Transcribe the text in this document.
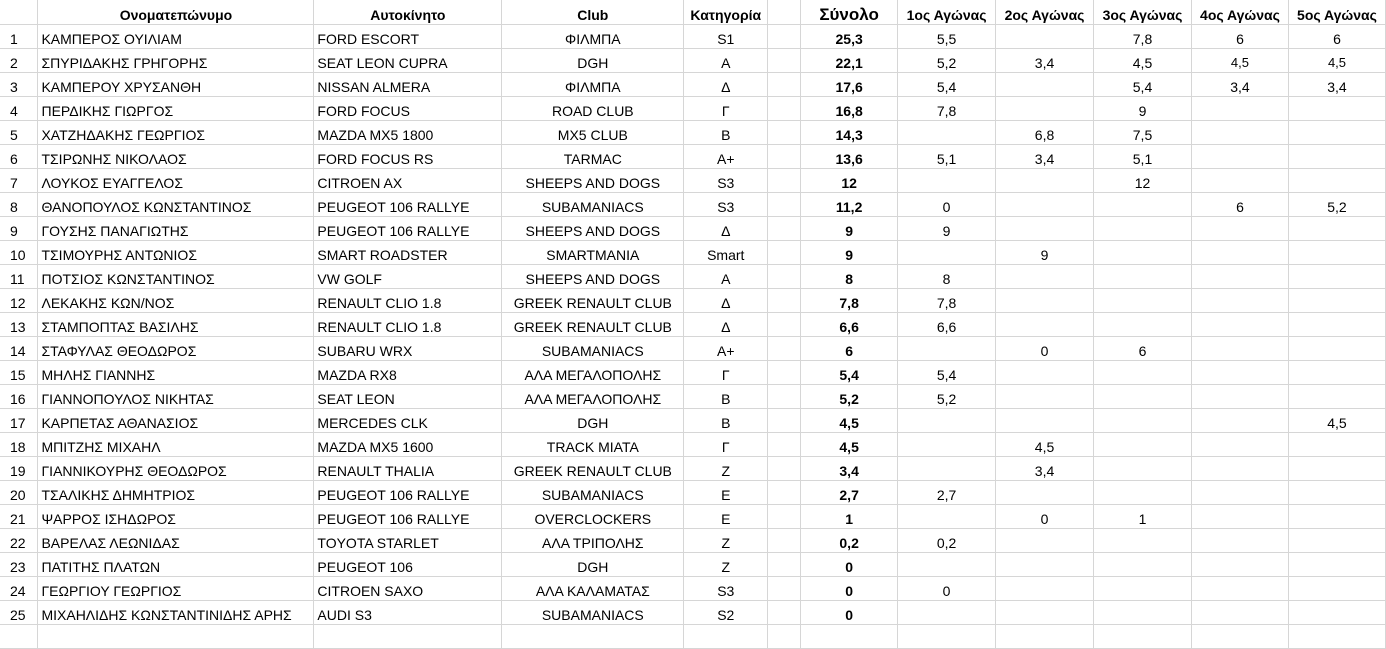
	Ονοματεπώνυμο	Αυτοκίνητο	Club	Κατηγορία		Σύνολο	1ος Αγώνας	2ος Αγώνας	3ος Αγώνας	4ος Αγώνας	5ος Αγώνας
1	ΚΑΜΠΕΡΟΣ ΟΥΙΛΙΑΜ	FORD ESCORT	ΦΙΛΜΠΑ	S1		25,3	5,5		7,8	6	6
2	ΣΠΥΡΙΔΑΚΗΣ ΓΡΗΓΟΡΗΣ	SEAT LEON CUPRA	DGH	A		22,1	5,2	3,4	4,5	4,5	4,5
3	ΚΑΜΠΕΡΟΥ ΧΡΥΣΑΝΘΗ	NISSAN ALMERA	ΦΙΛΜΠΑ	Δ		17,6	5,4		5,4	3,4	3,4
4	ΠΕΡΔΙΚΗΣ ΓΙΩΡΓΟΣ	FORD FOCUS	ROAD CLUB	Γ		16,8	7,8		9		
5	ΧΑΤΖΗΔΑΚΗΣ ΓΕΩΡΓΙΟΣ	MAZDA MX5 1800	MX5 CLUB	B		14,3		6,8	7,5		
6	ΤΣΙΡΩΝΗΣ ΝΙΚΟΛΑΟΣ	FORD FOCUS RS	TARMAC	A+		13,6	5,1	3,4	5,1		
7	ΛΟΥΚΟΣ ΕΥΑΓΓΕΛΟΣ	CITROEN AX	SHEEPS AND DOGS	S3		12			12		
8	ΘΑΝΟΠΟΥΛΟΣ ΚΩΝΣΤΑΝΤΙΝΟΣ	PEUGEOT 106 RALLYE	SUBAMANIACS	S3		11,2	0			6	5,2
9	ΓΟΥΣΗΣ ΠΑΝΑΓΙΩΤΗΣ	PEUGEOT 106 RALLYE	SHEEPS AND DOGS	Δ		9	9				
10	ΤΣΙΜΟΥΡΗΣ ΑΝΤΩΝΙΟΣ	SMART ROADSTER	SMARTMANIA	Smart		9		9			
11	ΠΟΤΣΙΟΣ ΚΩΝΣΤΑΝΤΙΝΟΣ	VW GOLF	SHEEPS AND DOGS	A		8	8				
12	ΛΕΚΑΚΗΣ ΚΩΝ/ΝΟΣ	RENAULT CLIO 1.8	GREEK RENAULT CLUB	Δ		7,8	7,8				
13	ΣΤΑΜΠΟΠΤΑΣ ΒΑΣΙΛΗΣ	RENAULT CLIO 1.8	GREEK RENAULT CLUB	Δ		6,6	6,6				
14	ΣΤΑΦΥΛΑΣ ΘΕΟΔΩΡΟΣ	SUBARU WRX	SUBAMANIACS	A+		6		0	6		
15	ΜΗΛΗΣ ΓΙΑΝΝΗΣ	MAZDA RX8	ΑΛΑ ΜΕΓΑΛΟΠΟΛΗΣ	Γ		5,4	5,4				
16	ΓΙΑΝΝΟΠΟΥΛΟΣ ΝΙΚΗΤΑΣ	SEAT LEON	ΑΛΑ ΜΕΓΑΛΟΠΟΛΗΣ	B		5,2	5,2				
17	ΚΑΡΠΕΤΑΣ ΑΘΑΝΑΣΙΟΣ	MERCEDES CLK	DGH	B		4,5					4,5
18	ΜΠΙΤΖΗΣ ΜΙΧΑΗΛ	MAZDA MX5 1600	TRACK MIATA	Γ		4,5		4,5			
19	ΓΙΑΝΝΙΚΟΥΡΗΣ ΘΕΟΔΩΡΟΣ	RENAULT THALIA	GREEK RENAULT CLUB	Z		3,4		3,4			
20	ΤΣΑΛΙΚΗΣ ΔΗΜΗΤΡΙΟΣ	PEUGEOT 106 RALLYE	SUBAMANIACS	E		2,7	2,7				
21	ΨΑΡΡΟΣ ΙΣΗΔΩΡΟΣ	PEUGEOT 106 RALLYE	OVERCLOCKERS	E		1		0	1		
22	ΒΑΡΕΛΑΣ ΛΕΩΝΙΔΑΣ	TOYOTA STARLET	ΑΛΑ ΤΡΙΠΟΛΗΣ	Z		0,2	0,2				
23	ΠΑΤΙΤΗΣ ΠΛΑΤΩΝ	PEUGEOT 106	DGH	Z		0					
24	ΓΕΩΡΓΙΟΥ ΓΕΩΡΓΙΟΣ	CITROEN SAXO	ΑΛΑ ΚΑΛΑΜΑΤΑΣ	S3		0	0				
25	ΜΙΧΑΗΛΙΔΗΣ ΚΩΝΣΤΑΝΤΙΝΙΔΗΣ ΑΡΗΣ	AUDI S3	SUBAMANIACS	S2		0					
